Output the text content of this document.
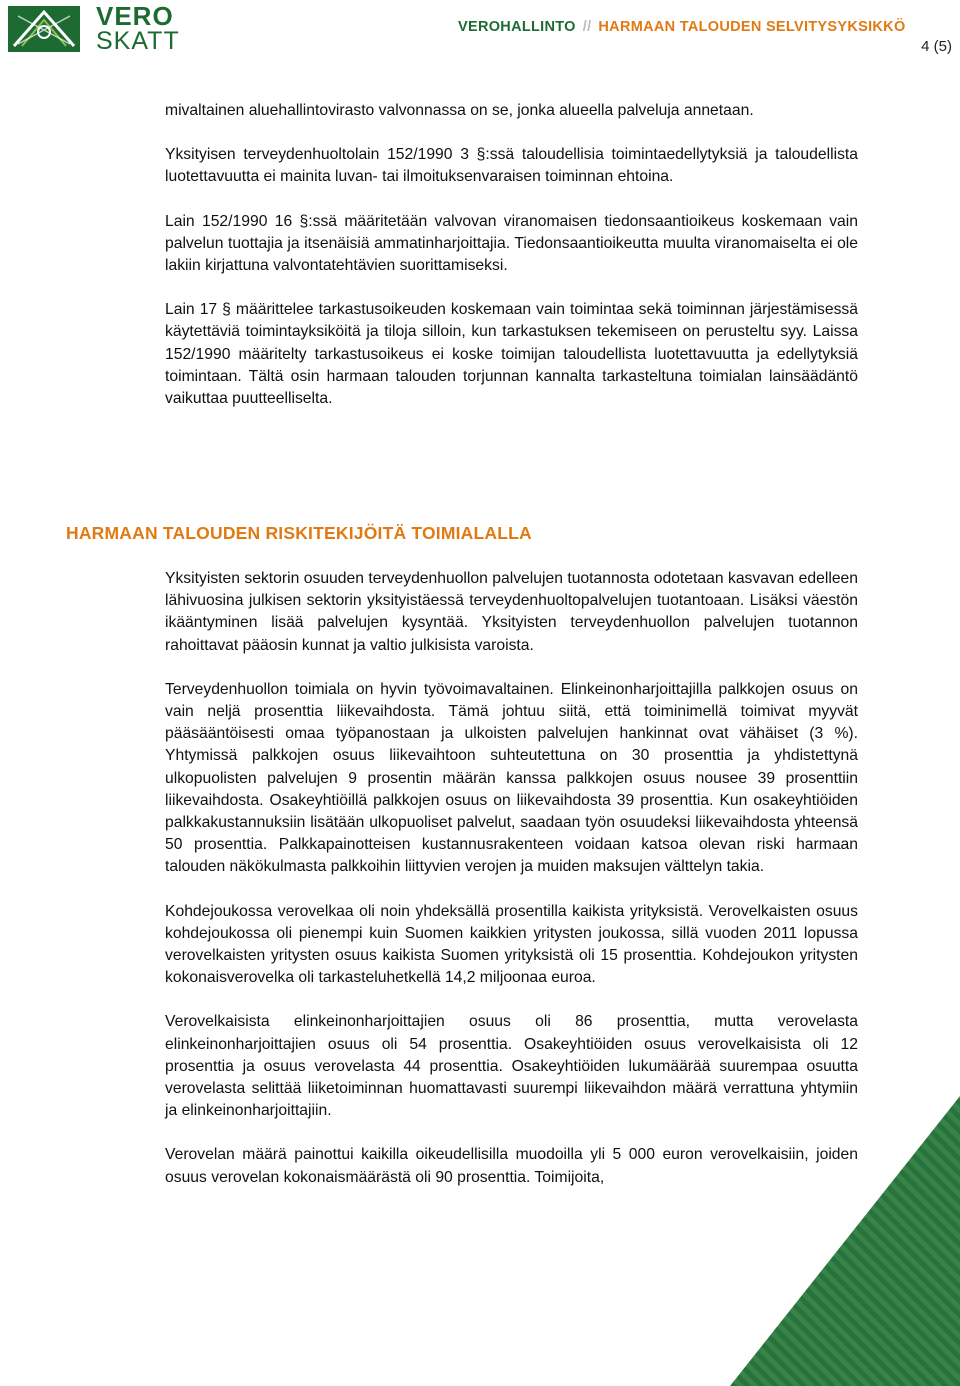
VERO
SKATT	VEROHALLINTO // HARMAAN TALOUDEN SELVITYSYKSIKKÖ
4 (5)

mivaltainen aluehallintovirasto valvonnassa on se, jonka alueella palveluja annetaan.

Yksityisen terveydenhuoltolain 152/1990 3 §:ssä taloudellisia toimintaedellytyksiä ja taloudellista luotettavuutta ei mainita luvan- tai ilmoituksenvaraisen toiminnan ehtoina.

Lain 152/1990 16 §:ssä määritetään valvovan viranomaisen tiedonsaantioikeus koskemaan vain palvelun tuottajia ja itsenäisiä ammatinharjoittajia. Tiedonsaantioikeutta muulta viranomaiselta ei ole lakiin kirjattuna valvontatehtävien suorittamiseksi.

Lain 17 § määrittelee tarkastusoikeuden koskemaan vain toimintaa sekä toiminnan järjestämisessä käytettäviä toimintayksiköitä ja tiloja silloin, kun tarkastuksen tekemiseen on perusteltu syy. Laissa 152/1990 määritelty tarkastusoikeus ei koske toimijan taloudellista luotettavuutta ja edellytyksiä toimintaan. Tältä osin harmaan talouden torjunnan kannalta tarkasteltuna toimialan lainsäädäntö vaikuttaa puutteelliselta.

HARMAAN TALOUDEN RISKITEKIJÖITÄ TOIMIALALLA

Yksityisten sektorin osuuden terveydenhuollon palvelujen tuotannosta odotetaan kasvavan edelleen lähivuosina julkisen sektorin yksityistäessä terveydenhuoltopalvelujen tuotantoaan. Lisäksi väestön ikääntyminen lisää palvelujen kysyntää. Yksityisten terveydenhuollon palvelujen tuotannon rahoittavat pääosin kunnat ja valtio julkisista varoista.

Terveydenhuollon toimiala on hyvin työvoimavaltainen. Elinkeinonharjoittajilla palkkojen osuus on vain neljä prosenttia liikevaihdosta. Tämä johtuu siitä, että toiminimellä toimivat myyvät pääsääntöisesti omaa työpanostaan ja ulkoisten palvelujen hankinnat ovat vähäiset (3 %). Yhtymissä palkkojen osuus liikevaihtoon suhteutettuna on 30 prosenttia ja yhdistettynä ulkopuolisten palvelujen 9 prosentin määrän kanssa palkkojen osuus nousee 39 prosenttiin liikevaihdosta. Osakeyhtiöillä palkkojen osuus on liikevaihdosta 39 prosenttia. Kun osakeyhtiöiden palkkakustannuksiin lisätään ulkopuoliset palvelut, saadaan työn osuudeksi liikevaihdosta yhteensä 50 prosenttia. Palkkapainotteisen kustannusrakenteen voidaan katsoa olevan riski harmaan talouden näkökulmasta palkkoihin liittyvien verojen ja muiden maksujen välttelyn takia.

Kohdejoukossa verovelkaa oli noin yhdeksällä prosentilla kaikista yrityksistä. Verovelkaisten osuus kohdejoukossa oli pienempi kuin Suomen kaikkien yritysten joukossa, sillä vuoden 2011 lopussa verovelkaisten yritysten osuus kaikista Suomen yrityksistä oli 15 prosenttia. Kohdejoukon yritysten kokonaisverovelka oli tarkasteluhetkellä 14,2 miljoonaa euroa.

Verovelkaisista elinkeinonharjoittajien osuus oli 86 prosenttia, mutta verovelasta elinkeinonharjoittajien osuus oli 54 prosenttia. Osakeyhtiöiden osuus verovelkaisista oli 12 prosenttia ja osuus verovelasta 44 prosenttia. Osakeyhtiöiden lukumäärää suurempaa osuutta verovelasta selittää liiketoiminnan huomattavasti suurempi liikevaihdon määrä verrattuna yhtymiin ja elinkeinonharjoittajiin.

Verovelan määrä painottui kaikilla oikeudellisilla muodoilla yli 5 000 euron verovelkaisiin, joiden osuus verovelan kokonaismäärästä oli 90 prosenttia. Toimijoita,
